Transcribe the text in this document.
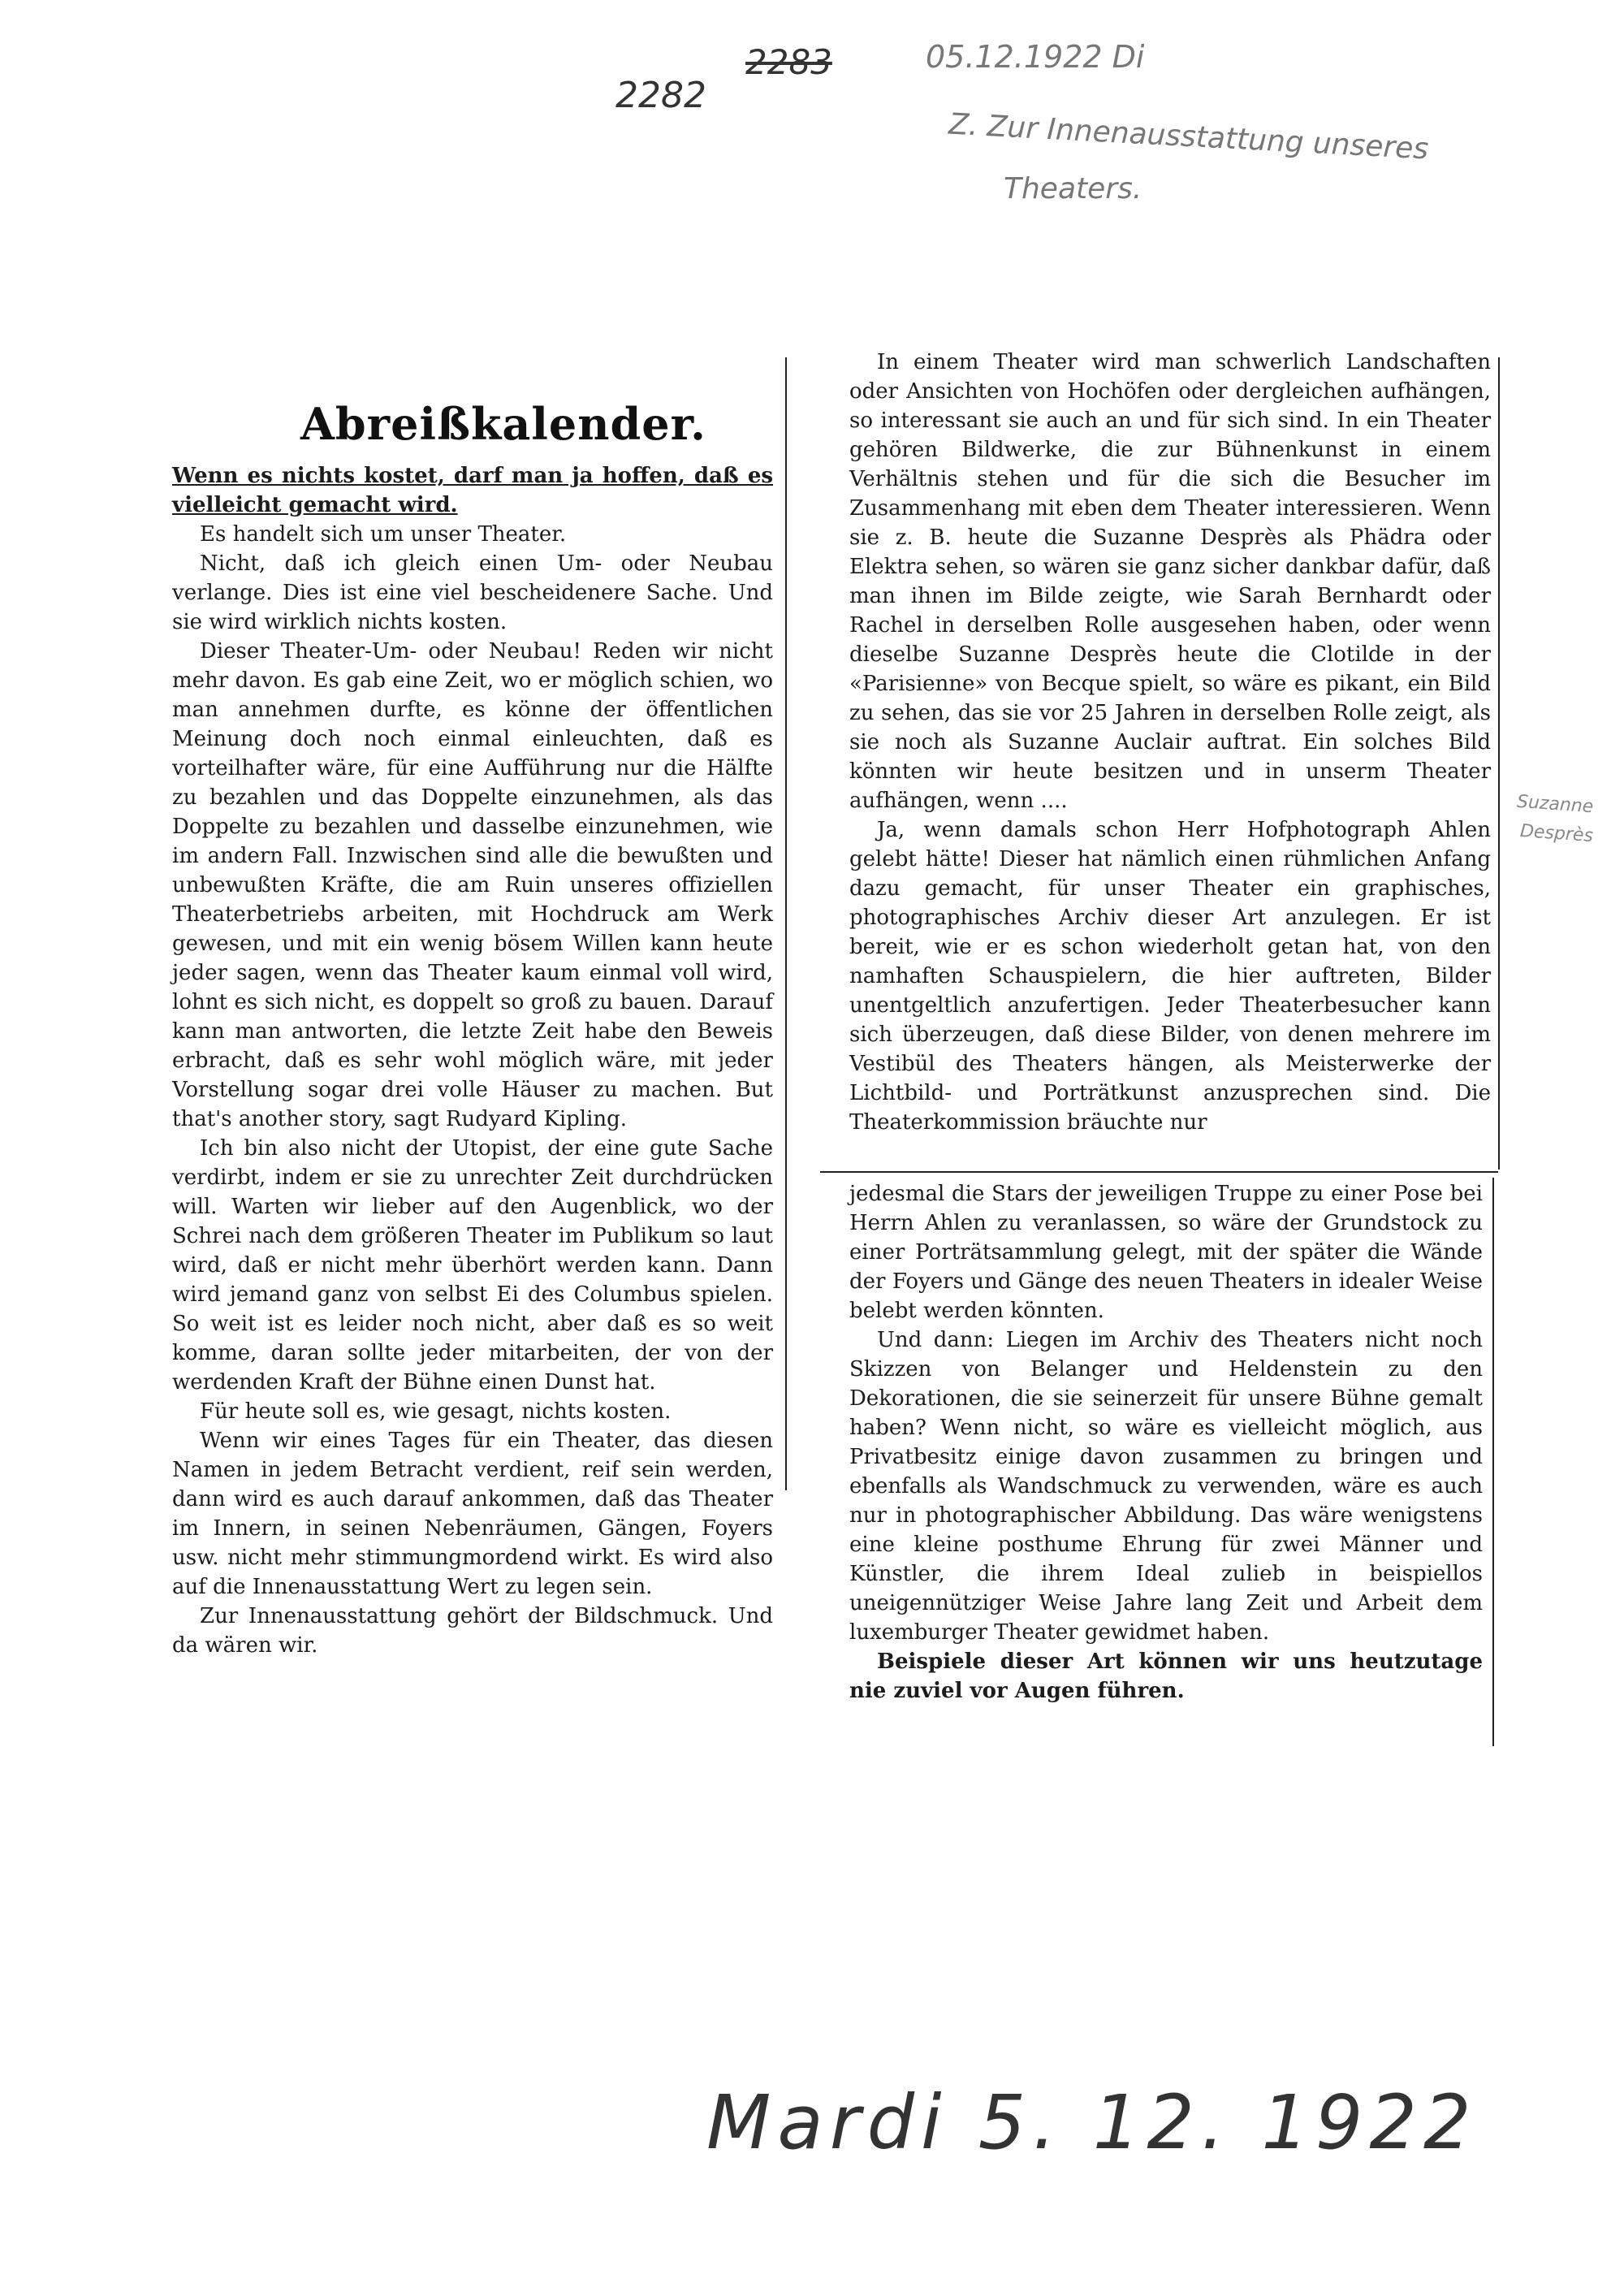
2282
2283	05.12.1922 Di
Z. Zur Innenausstattung unseres
Theaters.
Suzanne
Desprès
Abreißkalender.

Wenn es nichts kostet, darf man ja hoffen, daß es vielleicht gemacht wird.

Es handelt sich um unser Theater.

Nicht, daß ich gleich einen Um- oder Neubau verlange. Dies ist eine viel bescheidenere Sache. Und sie wird wirklich nichts kosten.

Dieser Theater-Um- oder Neubau! Reden wir nicht mehr davon. Es gab eine Zeit, wo er möglich schien, wo man annehmen durfte, es könne der öffentlichen Meinung doch noch einmal einleuchten, daß es vorteilhafter wäre, für eine Aufführung nur die Hälfte zu bezahlen und das Doppelte einzunehmen, als das Doppelte zu bezahlen und dasselbe einzunehmen, wie im andern Fall. Inzwischen sind alle die bewußten und unbewußten Kräfte, die am Ruin unseres offiziellen Theaterbetriebs arbeiten, mit Hochdruck am Werk gewesen, und mit ein wenig bösem Willen kann heute jeder sagen, wenn das Theater kaum einmal voll wird, lohnt es sich nicht, es doppelt so groß zu bauen. Darauf kann man antworten, die letzte Zeit habe den Beweis erbracht, daß es sehr wohl möglich wäre, mit jeder Vorstellung sogar drei volle Häuser zu machen. But that's another story, sagt Rudyard Kipling.

Ich bin also nicht der Utopist, der eine gute Sache verdirbt, indem er sie zu unrechter Zeit durchdrücken will. Warten wir lieber auf den Augenblick, wo der Schrei nach dem größeren Theater im Publikum so laut wird, daß er nicht mehr überhört werden kann. Dann wird jemand ganz von selbst Ei des Columbus spielen. So weit ist es leider noch nicht, aber daß es so weit komme, daran sollte jeder mitarbeiten, der von der werdenden Kraft der Bühne einen Dunst hat.

Für heute soll es, wie gesagt, nichts kosten.

Wenn wir eines Tages für ein Theater, das diesen Namen in jedem Betracht verdient, reif sein werden, dann wird es auch darauf ankommen, daß das Theater im Innern, in seinen Nebenräumen, Gängen, Foyers usw. nicht mehr stimmungmordend wirkt. Es wird also auf die Innenausstattung Wert zu legen sein.

Zur Innenausstattung gehört der Bildschmuck. Und da wären wir.

In einem Theater wird man schwerlich Landschaften oder Ansichten von Hochöfen oder dergleichen aufhängen, so interessant sie auch an und für sich sind. In ein Theater gehören Bildwerke, die zur Bühnenkunst in einem Verhältnis stehen und für die sich die Besucher im Zusammenhang mit eben dem Theater interessieren. Wenn sie z. B. heute die Suzanne Desprès als Phädra oder Elektra sehen, so wären sie ganz sicher dankbar dafür, daß man ihnen im Bilde zeigte, wie Sarah Bernhardt oder Rachel in derselben Rolle ausgesehen haben, oder wenn dieselbe Suzanne Desprès heute die Clotilde in der «Parisienne» von Becque spielt, so wäre es pikant, ein Bild zu sehen, das sie vor 25 Jahren in derselben Rolle zeigt, als sie noch als Suzanne Auclair auftrat. Ein solches Bild könnten wir heute besitzen und in unserm Theater aufhängen, wenn ....

Ja, wenn damals schon Herr Hofphotograph Ahlen gelebt hätte! Dieser hat nämlich einen rühmlichen Anfang dazu gemacht, für unser Theater ein graphisches, photographisches Archiv dieser Art anzulegen. Er ist bereit, wie er es schon wiederholt getan hat, von den namhaften Schauspielern, die hier auftreten, Bilder unentgeltlich anzufertigen. Jeder Theaterbesucher kann sich überzeugen, daß diese Bilder, von denen mehrere im Vestibül des Theaters hängen, als Meisterwerke der Lichtbild- und Porträtkunst anzusprechen sind. Die Theaterkommission bräuchte nur

jedesmal die Stars der jeweiligen Truppe zu einer Pose bei Herrn Ahlen zu veranlassen, so wäre der Grundstock zu einer Porträtsammlung gelegt, mit der später die Wände der Foyers und Gänge des neuen Theaters in idealer Weise belebt werden könnten.

Und dann: Liegen im Archiv des Theaters nicht noch Skizzen von Belanger und Heldenstein zu den Dekorationen, die sie seinerzeit für unsere Bühne gemalt haben? Wenn nicht, so wäre es vielleicht möglich, aus Privatbesitz einige davon zusammen zu bringen und ebenfalls als Wandschmuck zu verwenden, wäre es auch nur in photographischer Abbildung. Das wäre wenigstens eine kleine posthume Ehrung für zwei Männer und Künstler, die ihrem Ideal zulieb in beispiellos uneigennütziger Weise Jahre lang Zeit und Arbeit dem luxemburger Theater gewidmet haben.

Beispiele dieser Art können wir uns heutzutage nie zuviel vor Augen führen.

Mardi 5. 12. 1922
